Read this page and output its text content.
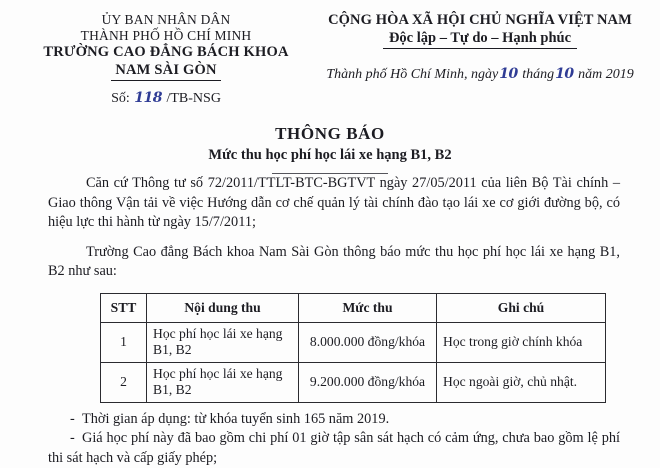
ỦY BAN NHÂN DÂN
THÀNH PHỐ HỒ CHÍ MINH
TRƯỜNG CAO ĐẲNG BÁCH KHOA
NAM SÀI GÒN
Số: 118 /TB-NSG
CỘNG HÒA XÃ HỘI CHỦ NGHĨA VIỆT NAM
Độc lập – Tự do – Hạnh phúc
Thành phố Hồ Chí Minh, ngày10 tháng10 năm 2019
THÔNG BÁO
Mức thu học phí học lái xe hạng B1, B2

Căn cứ Thông tư số 72/2011/TTLT-BTC-BGTVT ngày 27/05/2011 của liên Bộ Tài chính – Giao thông Vận tải về việc Hướng dẫn cơ chế quản lý tài chính đào tạo lái xe cơ giới đường bộ, có hiệu lực thi hành từ ngày 15/7/2011;

Trường Cao đẳng Bách khoa Nam Sài Gòn thông báo mức thu học phí học lái xe hạng B1, B2 như sau:

STT	Nội dung thu	Mức thu	Ghi chú
1	Học phí học lái xe hạng B1, B2	8.000.000 đồng/khóa	Học trong giờ chính khóa
2	Học phí học lái xe hạng B1, B2	9.200.000 đồng/khóa	Học ngoài giờ, chủ nhật.

- Thời gian áp dụng: từ khóa tuyển sinh 165 năm 2019.

- Giá học phí này đã bao gồm chi phí 01 giờ tập sân sát hạch có cảm ứng, chưa bao gồm lệ phí thi sát hạch và cấp giấy phép;
